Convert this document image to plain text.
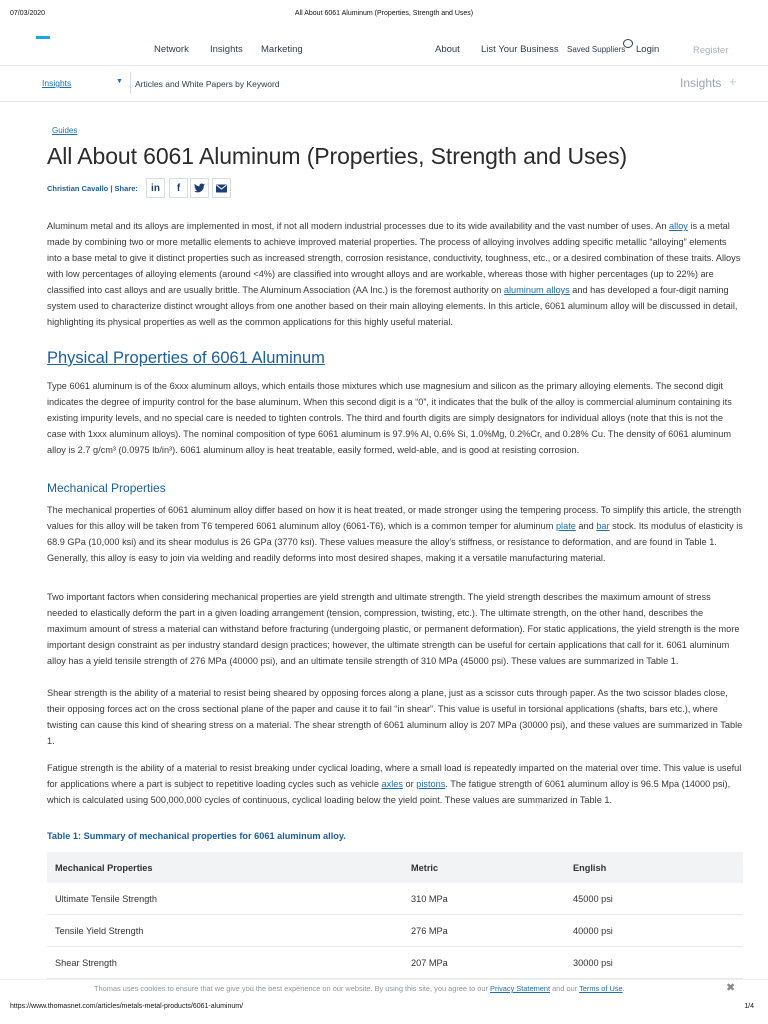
07/03/2020	All About 6061 Aluminum (Properties, Strength and Uses)
Network Insights Marketing	About List Your Business Saved Suppliers Login	Register
Insights	▼ Articles and White Papers by Keyword	Insights +
Guides
All About 6061 Aluminum (Properties, Strength and Uses)
Christian Cavallo | Share: in f
Aluminum metal and its alloys are implemented in most, if not all modern industrial processes due to its wide availability and the vast number of uses. An alloy is a metal made by combining two or more metallic elements to achieve improved material properties. The process of alloying involves adding specific metallic “alloying” elements into a base metal to give it distinct properties such as increased strength, corrosion resistance, conductivity, toughness, etc., or a desired combination of these traits. Alloys with low percentages of alloying elements (around <4%) are classified into wrought alloys and are workable, whereas those with higher percentages (up to 22%) are classified into cast alloys and are usually brittle. The Aluminum Association (AA Inc.) is the foremost authority on aluminum alloys and has developed a four-digit naming system used to characterize distinct wrought alloys from one another based on their main alloying elements. In this article, 6061 aluminum alloy will be discussed in detail, highlighting its physical properties as well as the common applications for this highly useful material.
Physical Properties of 6061 Aluminum
Type 6061 aluminum is of the 6xxx aluminum alloys, which entails those mixtures which use magnesium and silicon as the primary alloying elements. The second digit indicates the degree of impurity control for the base aluminum. When this second digit is a “0”, it indicates that the bulk of the alloy is commercial aluminum containing its existing impurity levels, and no special care is needed to tighten controls. The third and fourth digits are simply designators for individual alloys (note that this is not the case with 1xxx aluminum alloys). The nominal composition of type 6061 aluminum is 97.9% Al, 0.6% Si, 1.0%Mg, 0.2%Cr, and 0.28% Cu. The density of 6061 aluminum alloy is 2.7 g/cm³ (0.0975 lb/in³). 6061 aluminum alloy is heat treatable, easily formed, weld-able, and is good at resisting corrosion.
Mechanical Properties
The mechanical properties of 6061 aluminum alloy differ based on how it is heat treated, or made stronger using the tempering process. To simplify this article, the strength values for this alloy will be taken from T6 tempered 6061 aluminum alloy (6061-T6), which is a common temper for aluminum plate and bar stock. Its modulus of elasticity is 68.9 GPa (10,000 ksi) and its shear modulus is 26 GPa (3770 ksi). These values measure the alloy’s stiffness, or resistance to deformation, and are found in Table 1. Generally, this alloy is easy to join via welding and readily deforms into most desired shapes, making it a versatile manufacturing material.
Two important factors when considering mechanical properties are yield strength and ultimate strength. The yield strength describes the maximum amount of stress needed to elastically deform the part in a given loading arrangement (tension, compression, twisting, etc.). The ultimate strength, on the other hand, describes the maximum amount of stress a material can withstand before fracturing (undergoing plastic, or permanent deformation). For static applications, the yield strength is the more important design constraint as per industry standard design practices; however, the ultimate strength can be useful for certain applications that call for it. 6061 aluminum alloy has a yield tensile strength of 276 MPa (40000 psi), and an ultimate tensile strength of 310 MPa (45000 psi). These values are summarized in Table 1.
Shear strength is the ability of a material to resist being sheared by opposing forces along a plane, just as a scissor cuts through paper. As the two scissor blades close, their opposing forces act on the cross sectional plane of the paper and cause it to fail “in shear”. This value is useful in torsional applications (shafts, bars etc.), where twisting can cause this kind of shearing stress on a material. The shear strength of 6061 aluminum alloy is 207 MPa (30000 psi), and these values are summarized in Table 1.
Fatigue strength is the ability of a material to resist breaking under cyclical loading, where a small load is repeatedly imparted on the material over time. This value is useful for applications where a part is subject to repetitive loading cycles such as vehicle axles or pistons. The fatigue strength of 6061 aluminum alloy is 96.5 Mpa (14000 psi), which is calculated using 500,000,000 cycles of continuous, cyclical loading below the yield point. These values are summarized in Table 1.
Table 1: Summary of mechanical properties for 6061 aluminum alloy.
Mechanical Properties	Metric	English
Ultimate Tensile Strength	310 MPa	45000 psi
Tensile Yield Strength	276 MPa	40000 psi
Shear Strength	207 MPa	30000 psi
Thomas uses cookies to ensure that we give you the best experience on our website. By using this site, you agree to our Privacy Statement and our Terms of Use.	✖
https://www.thomasnet.com/articles/metals-metal-products/6061-aluminum/	1/4
